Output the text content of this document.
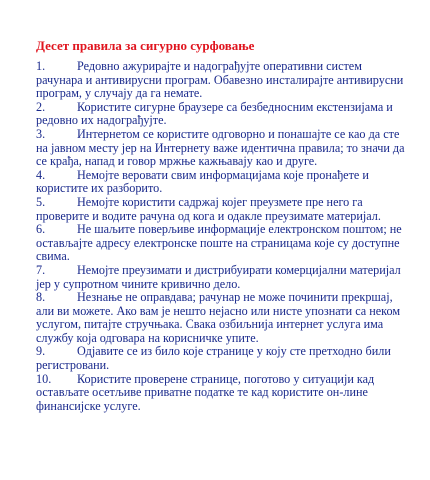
Десет правила за сигурно сурфовање
1.	Редовно ажурирајте и надограђујте оперативни систем рачунара и антивирусни програм. Обавезно инсталирајте антивирусни програм, у случају да га немате.
2.	Користите сигурне браузере са безбедносним екстензијама и редовно их надограђујте.
3.	Интернетом се користите одговорно и понашајте се као да сте на јавном месту јер на Интернету важе идентична правила; то значи да се крађа, напад и говор мржње кажњавају као и друге.
4.	Немојте веровати свим информацијама које пронађете и користите их разборито.
5.	Немојте користити садржај којег преузмете пре него га проверите и водите рачуна од кога и одакле преузимате материјал.
6.	Не шаљите поверљиве информације електронском поштом; не остављајте адресу електронске поште на страницама које су доступне свима.
7.	Немојте преузимати и дистрибуирати комерцијални материјал јер у супротном чините кривично дело.
8.	Незнање не оправдава; рачунар не може починити прекршај, али ви можете. Ако вам је нешто нејасно или нисте упознати са неком услугом, питајте стручњака. Свака озбиљнија интернет услуга има службу која одговара на корисничке упите.
9.	Одјавите се из било које странице у коју сте претходно били регистровани.
10. Користите проверене странице, поготово у ситуацији кад остављате осетљиве приватне податке те кад користите он-лине финансијске услуге.
